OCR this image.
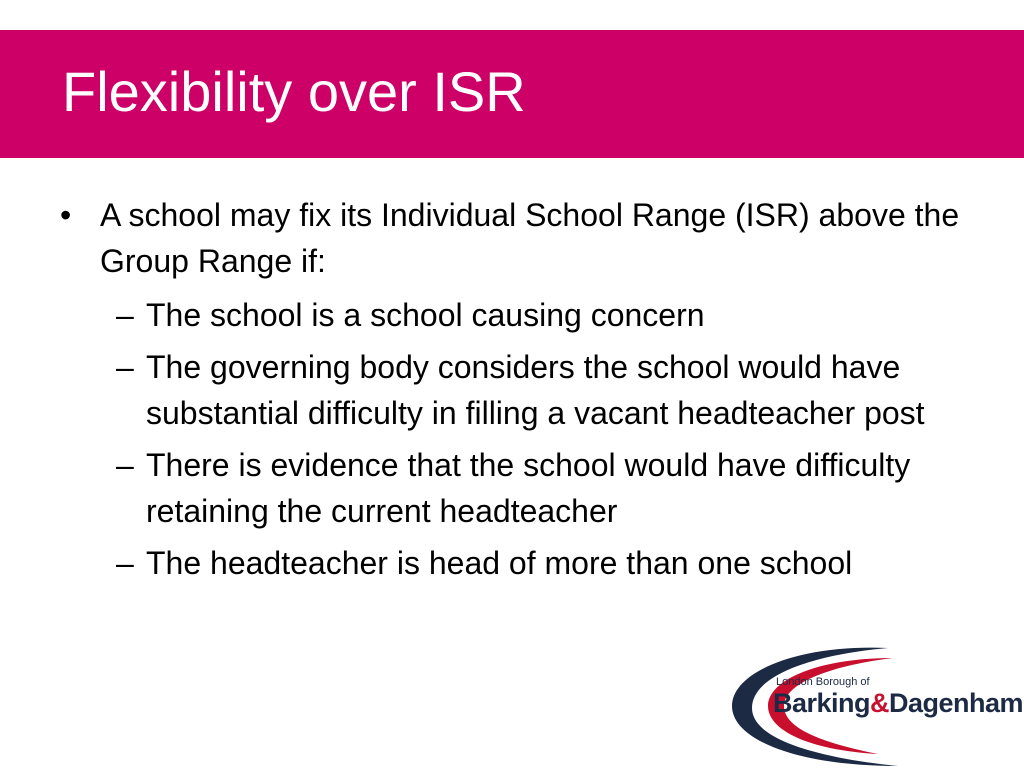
Flexibility over ISR
• A school may fix its Individual School Range (ISR) above the Group Range if:
– The school is a school causing concern
– The governing body considers the school would have substantial difficulty in filling a vacant headteacher post
– There is evidence that the school would have difficulty retaining the current headteacher
– The headteacher is head of more than one school
London Borough of
Barking&Dagenham
